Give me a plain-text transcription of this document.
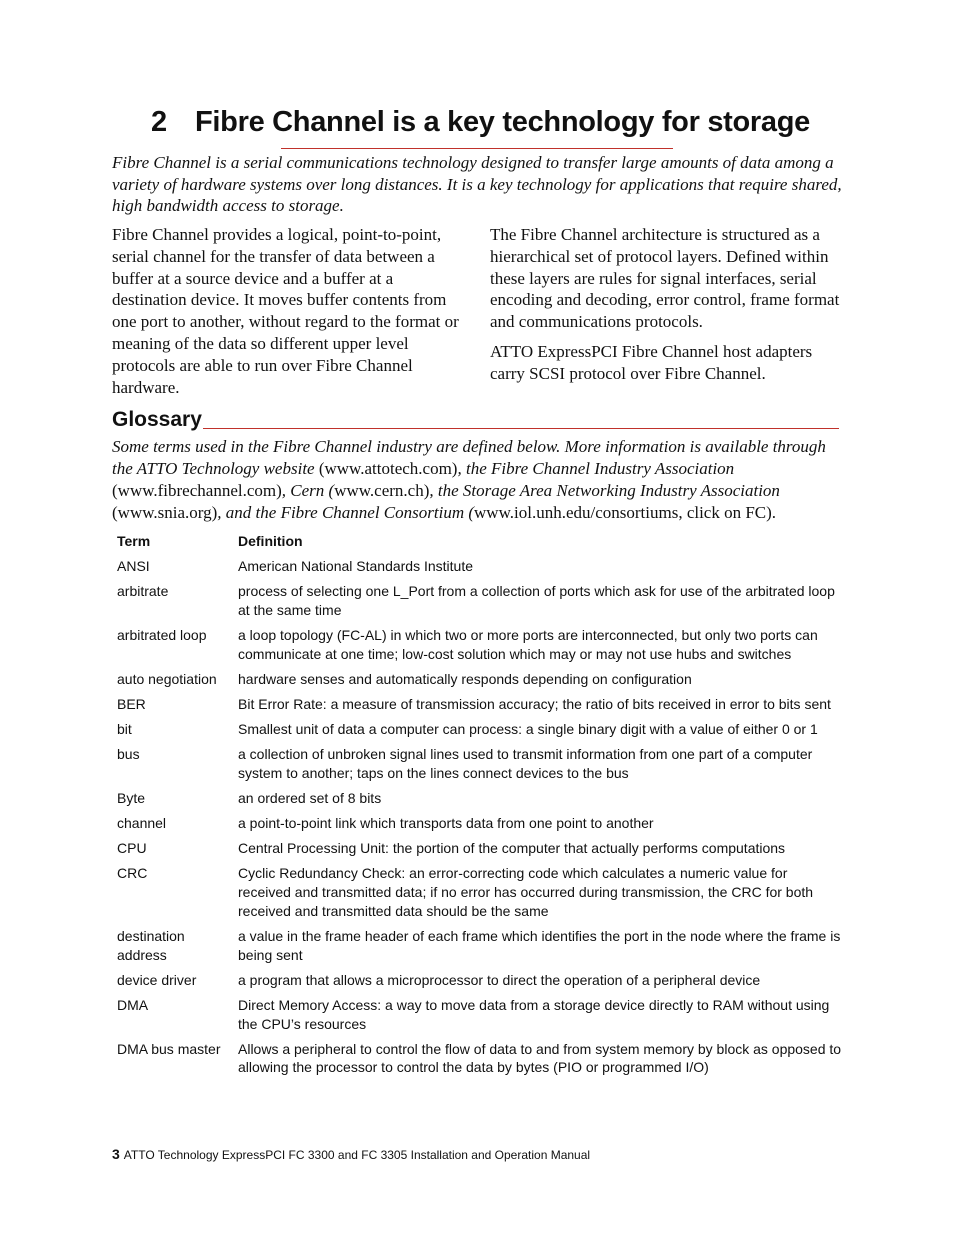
2 Fibre Channel is a key technology for storage

Fibre Channel is a serial communications technology designed to transfer large amounts of data among a variety of hardware systems over long distances. It is a key technology for applications that require shared, high bandwidth access to storage.

Fibre Channel provides a logical, point-to-point, serial channel for the transfer of data between a buffer at a source device and a buffer at a destination device. It moves buffer contents from one port to another, without regard to the format or meaning of the data so different upper level protocols are able to run over Fibre Channel hardware.

The Fibre Channel architecture is structured as a hierarchical set of protocol layers. Defined within these layers are rules for signal interfaces, serial encoding and decoding, error control, frame format and communications protocols.

ATTO ExpressPCI Fibre Channel host adapters carry SCSI protocol over Fibre Channel.

Glossary

Some terms used in the Fibre Channel industry are defined below. More information is available through the ATTO Technology website (www.attotech.com), the Fibre Channel Industry Association (www.fibrechannel.com), Cern (www.cern.ch), the Storage Area Networking Industry Association (www.snia.org), and the Fibre Channel Consortium (www.iol.unh.edu/consortiums, click on FC).

Term	Definition
ANSI	American National Standards Institute
arbitrate	process of selecting one L_Port from a collection of ports which ask for use of the arbitrated loop at the same time
arbitrated loop	a loop topology (FC-AL) in which two or more ports are interconnected, but only two ports can communicate at one time; low-cost solution which may or may not use hubs and switches
auto negotiation	hardware senses and automatically responds depending on configuration
BER	Bit Error Rate: a measure of transmission accuracy; the ratio of bits received in error to bits sent
bit	Smallest unit of data a computer can process: a single binary digit with a value of either 0 or 1
bus	a collection of unbroken signal lines used to transmit information from one part of a computer system to another; taps on the lines connect devices to the bus
Byte	an ordered set of 8 bits
channel	a point-to-point link which transports data from one point to another
CPU	Central Processing Unit: the portion of the computer that actually performs computations
CRC	Cyclic Redundancy Check: an error-correcting code which calculates a numeric value for received and transmitted data; if no error has occurred during transmission, the CRC for both received and transmitted data should be the same
destination address	a value in the frame header of each frame which identifies the port in the node where the frame is being sent
device driver	a program that allows a microprocessor to direct the operation of a peripheral device
DMA	Direct Memory Access: a way to move data from a storage device directly to RAM without using the CPU’s resources
DMA bus master	Allows a peripheral to control the flow of data to and from system memory by block as opposed to allowing the processor to control the data by bytes (PIO or programmed I/O)
3 ATTO Technology ExpressPCI FC 3300 and FC 3305 Installation and Operation Manual
